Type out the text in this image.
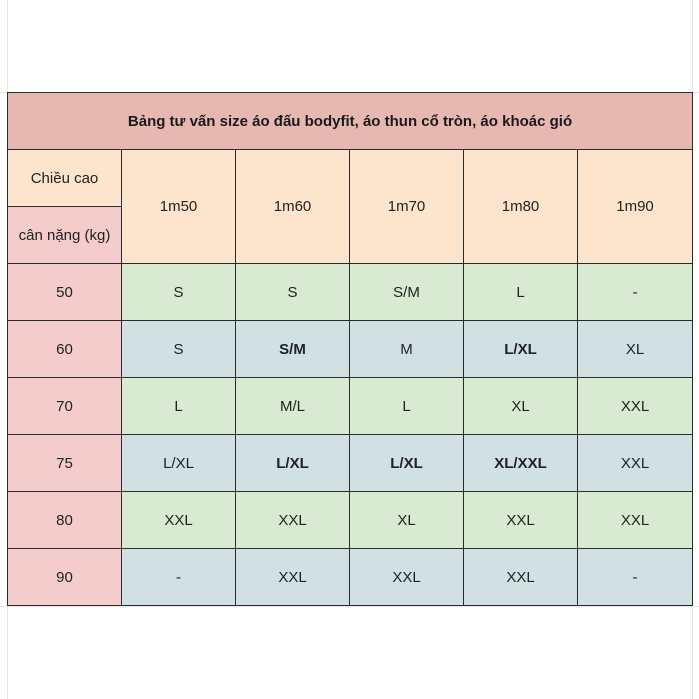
Bảng tư vấn size áo đấu bodyfit, áo thun cổ tròn, áo khoác gió					
Chiều cao	1m50	1m60	1m70	1m80	1m90
cân nặng (kg)					
50	S	S	S/M	L	-
60	S	S/M	M	L/XL	XL
70	L	M/L	L	XL	XXL
75	L/XL	L/XL	L/XL	XL/XXL	XXL
80	XXL	XXL	XL	XXL	XXL
90	-	XXL	XXL	XXL	-
